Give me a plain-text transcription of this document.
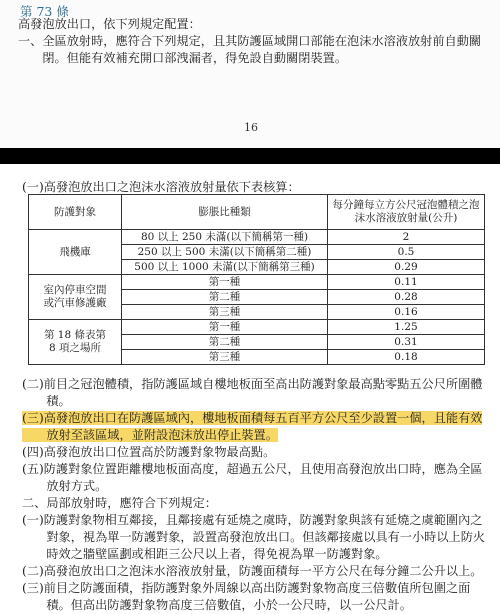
第 73 條
高發泡放出口，依下列規定配置：
一、全區放射時，應符合下列規定，且其防護區域開口部能在泡沫水溶液放射前自動關
　　閉。但能有效補充開口部洩漏者，得免設自動關閉裝置。
16
(一)高發泡放出口之泡沫水溶液放射量依下表核算：
防護對象	膨脹比種類	每分鐘每立方公尺冠泡體積之泡沫水溶液放射量(公升)
飛機庫	80 以上 250 未滿(以下簡稱第一種)	2
	250 以上 500 未滿(以下簡稱第二種)	0.5
	500 以上 1000 未滿(以下簡稱第三種)	0.29
室內停車空間或汽車修護廠	第一種	0.11
	第二種	0.28
	第三種	0.16
第 18 條表第 8 項之場所	第一種	1.25
	第二種	0.31
	第三種	0.18
(二)前目之冠泡體積，指防護區域自樓地板面至高出防護對象最高點零點五公尺所圍體
　　積。
(三)高發泡放出口在防護區域內，樓地板面積每五百平方公尺至少設置一個，且能有效
　　放射至該區域，並附設泡沫放出停止裝置。
(四)高發泡放出口位置高於防護對象物最高點。
(五)防護對象位置距離樓地板面高度，超過五公尺，且使用高發泡放出口時，應為全區
　　放射方式。
二、局部放射時，應符合下列規定：
(一)防護對象物相互鄰接，且鄰接處有延燒之虞時，防護對象與該有延燒之虞範圍內之
　　對象，視為單一防護對象，設置高發泡放出口。但該鄰接處以具有一小時以上防火
　　時效之牆壁區劃或相距三公尺以上者，得免視為單一防護對象。
(二)高發泡放出口之泡沫水溶液放射量，防護面積每一平方公尺在每分鐘二公升以上。
(三)前目之防護面積，指防護對象外周線以高出防護對象物高度三倍數值所包圍之面
　　積。但高出防護對象物高度三倍數值，小於一公尺時，以一公尺計。
